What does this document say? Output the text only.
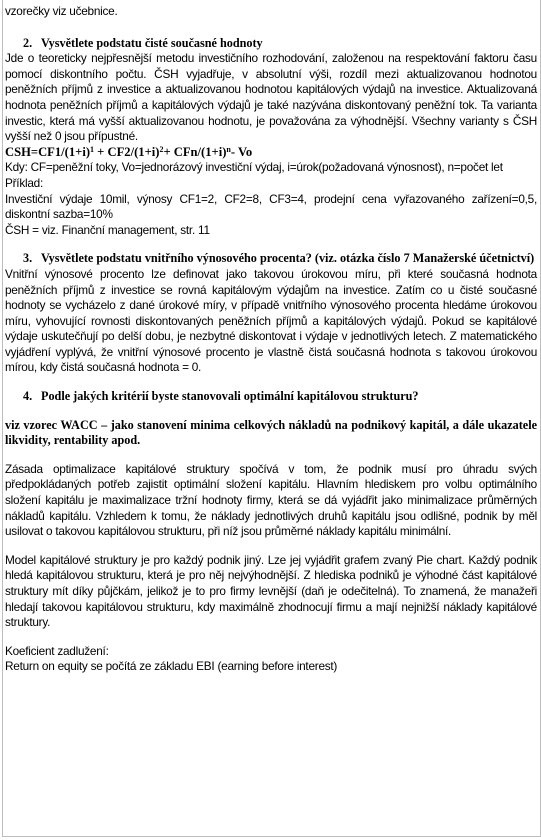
vzorečky viz učebnice.

2. Vysvětlete podstatu čisté současné hodnoty

Jde o teoreticky nejpřesnější metodu investičního rozhodování, založenou na respektování faktoru času pomocí diskontního počtu. ČSH vyjadřuje, v absolutní výši, rozdíl mezi aktualizovanou hodnotou peněžních příjmů z investice a aktualizovanou hodnotou kapitálových výdajů na investice. Aktualizovaná hodnota peněžních příjmů a kapitálových výdajů je také nazývána diskontovaný peněžní tok. Ta varianta investic, která má vyšší aktualizovanou hodnotu, je považována za výhodnější. Všechny varianty s ČSH vyšší než 0 jsou přípustné.

$CSH=CF1/(1+i)^1 + CF2/(1+i)^2+ CFn/(1+i)^n-$ Vo

Kdy: CF=peněžní toky, Vo=jednorázový investiční výdaj, i=úrok(požadovaná výnosnost), n=počet let

Příklad:

Investiční výdaje 10mil, výnosy CF1=2, CF2=8, CF3=4, prodejní cena vyřazovaného zařízení=0,5, diskontní sazba=10%

ČSH = viz. Finanční management, str. 11

3. Vysvětlete podstatu vnitřního výnosového procenta? (viz. otázka číslo 7 Manažerské účetnictví)

Vnitřní výnosové procento lze definovat jako takovou úrokovou míru, při které současná hodnota peněžních příjmů z investice se rovná kapitálovým výdajům na investice. Zatím co u čisté současné hodnoty se vycházelo z dané úrokové míry, v případě vnitřního výnosového procenta hledáme úrokovou míru, vyhovující rovnosti diskontovaných peněžních příjmů a kapitálových výdajů. Pokud se kapitálové výdaje uskutečňují po delší dobu, je nezbytné diskontovat i výdaje v jednotlivých letech. Z matematického vyjádření vyplývá, že vnitřní výnosové procento je vlastně čistá současná hodnota s takovou úrokovou mírou, kdy čistá současná hodnota = 0.

4. Podle jakých kritérií byste stanovovali optimální kapitálovou strukturu?

viz vzorec WACC – jako stanovení minima celkových nákladů na podnikový kapitál, a dále ukazatele likvidity, rentability apod.

Zásada optimalizace kapitálové struktury spočívá v tom, že podnik musí pro úhradu svých předpokládaných potřeb zajistit optimální složení kapitálu. Hlavním hlediskem pro volbu optimálního složení kapitálu je maximalizace tržní hodnoty firmy, která se dá vyjádřit jako minimalizace průměrných nákladů kapitálu. Vzhledem k tomu, že náklady jednotlivých druhů kapitálu jsou odlišné, podnik by měl usilovat o takovou kapitálovou strukturu, při níž jsou průměrné náklady kapitálu minimální.

Model kapitálové struktury je pro každý podnik jiný. Lze jej vyjádřit grafem zvaný Pie chart. Každý podnik hledá kapitálovou strukturu, která je pro něj nejvýhodnější. Z hlediska podniků je výhodné část kapitálové struktury mít díky půjčkám, jelikož je to pro firmy levnější (daň je odečitelná). To znamená, že manažeři hledají takovou kapitálovou strukturu, kdy maximálně zhodnocují firmu a mají nejnižší náklady kapitálové struktury.

Koeficient zadlužení:

Return on equity se počítá ze základu EBI (earning before interest)
